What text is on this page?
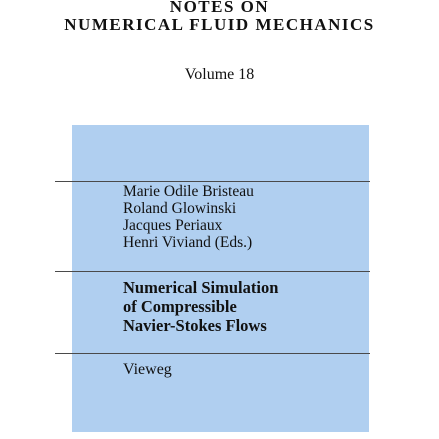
NOTES ON
NUMERICAL FLUID MECHANICS
Volume 18
Marie Odile Bristeau
Roland Glowinski
Jacques Periaux
Henri Viviand (Eds.)
Numerical Simulation
of Compressible
Navier-Stokes Flows
Vieweg
